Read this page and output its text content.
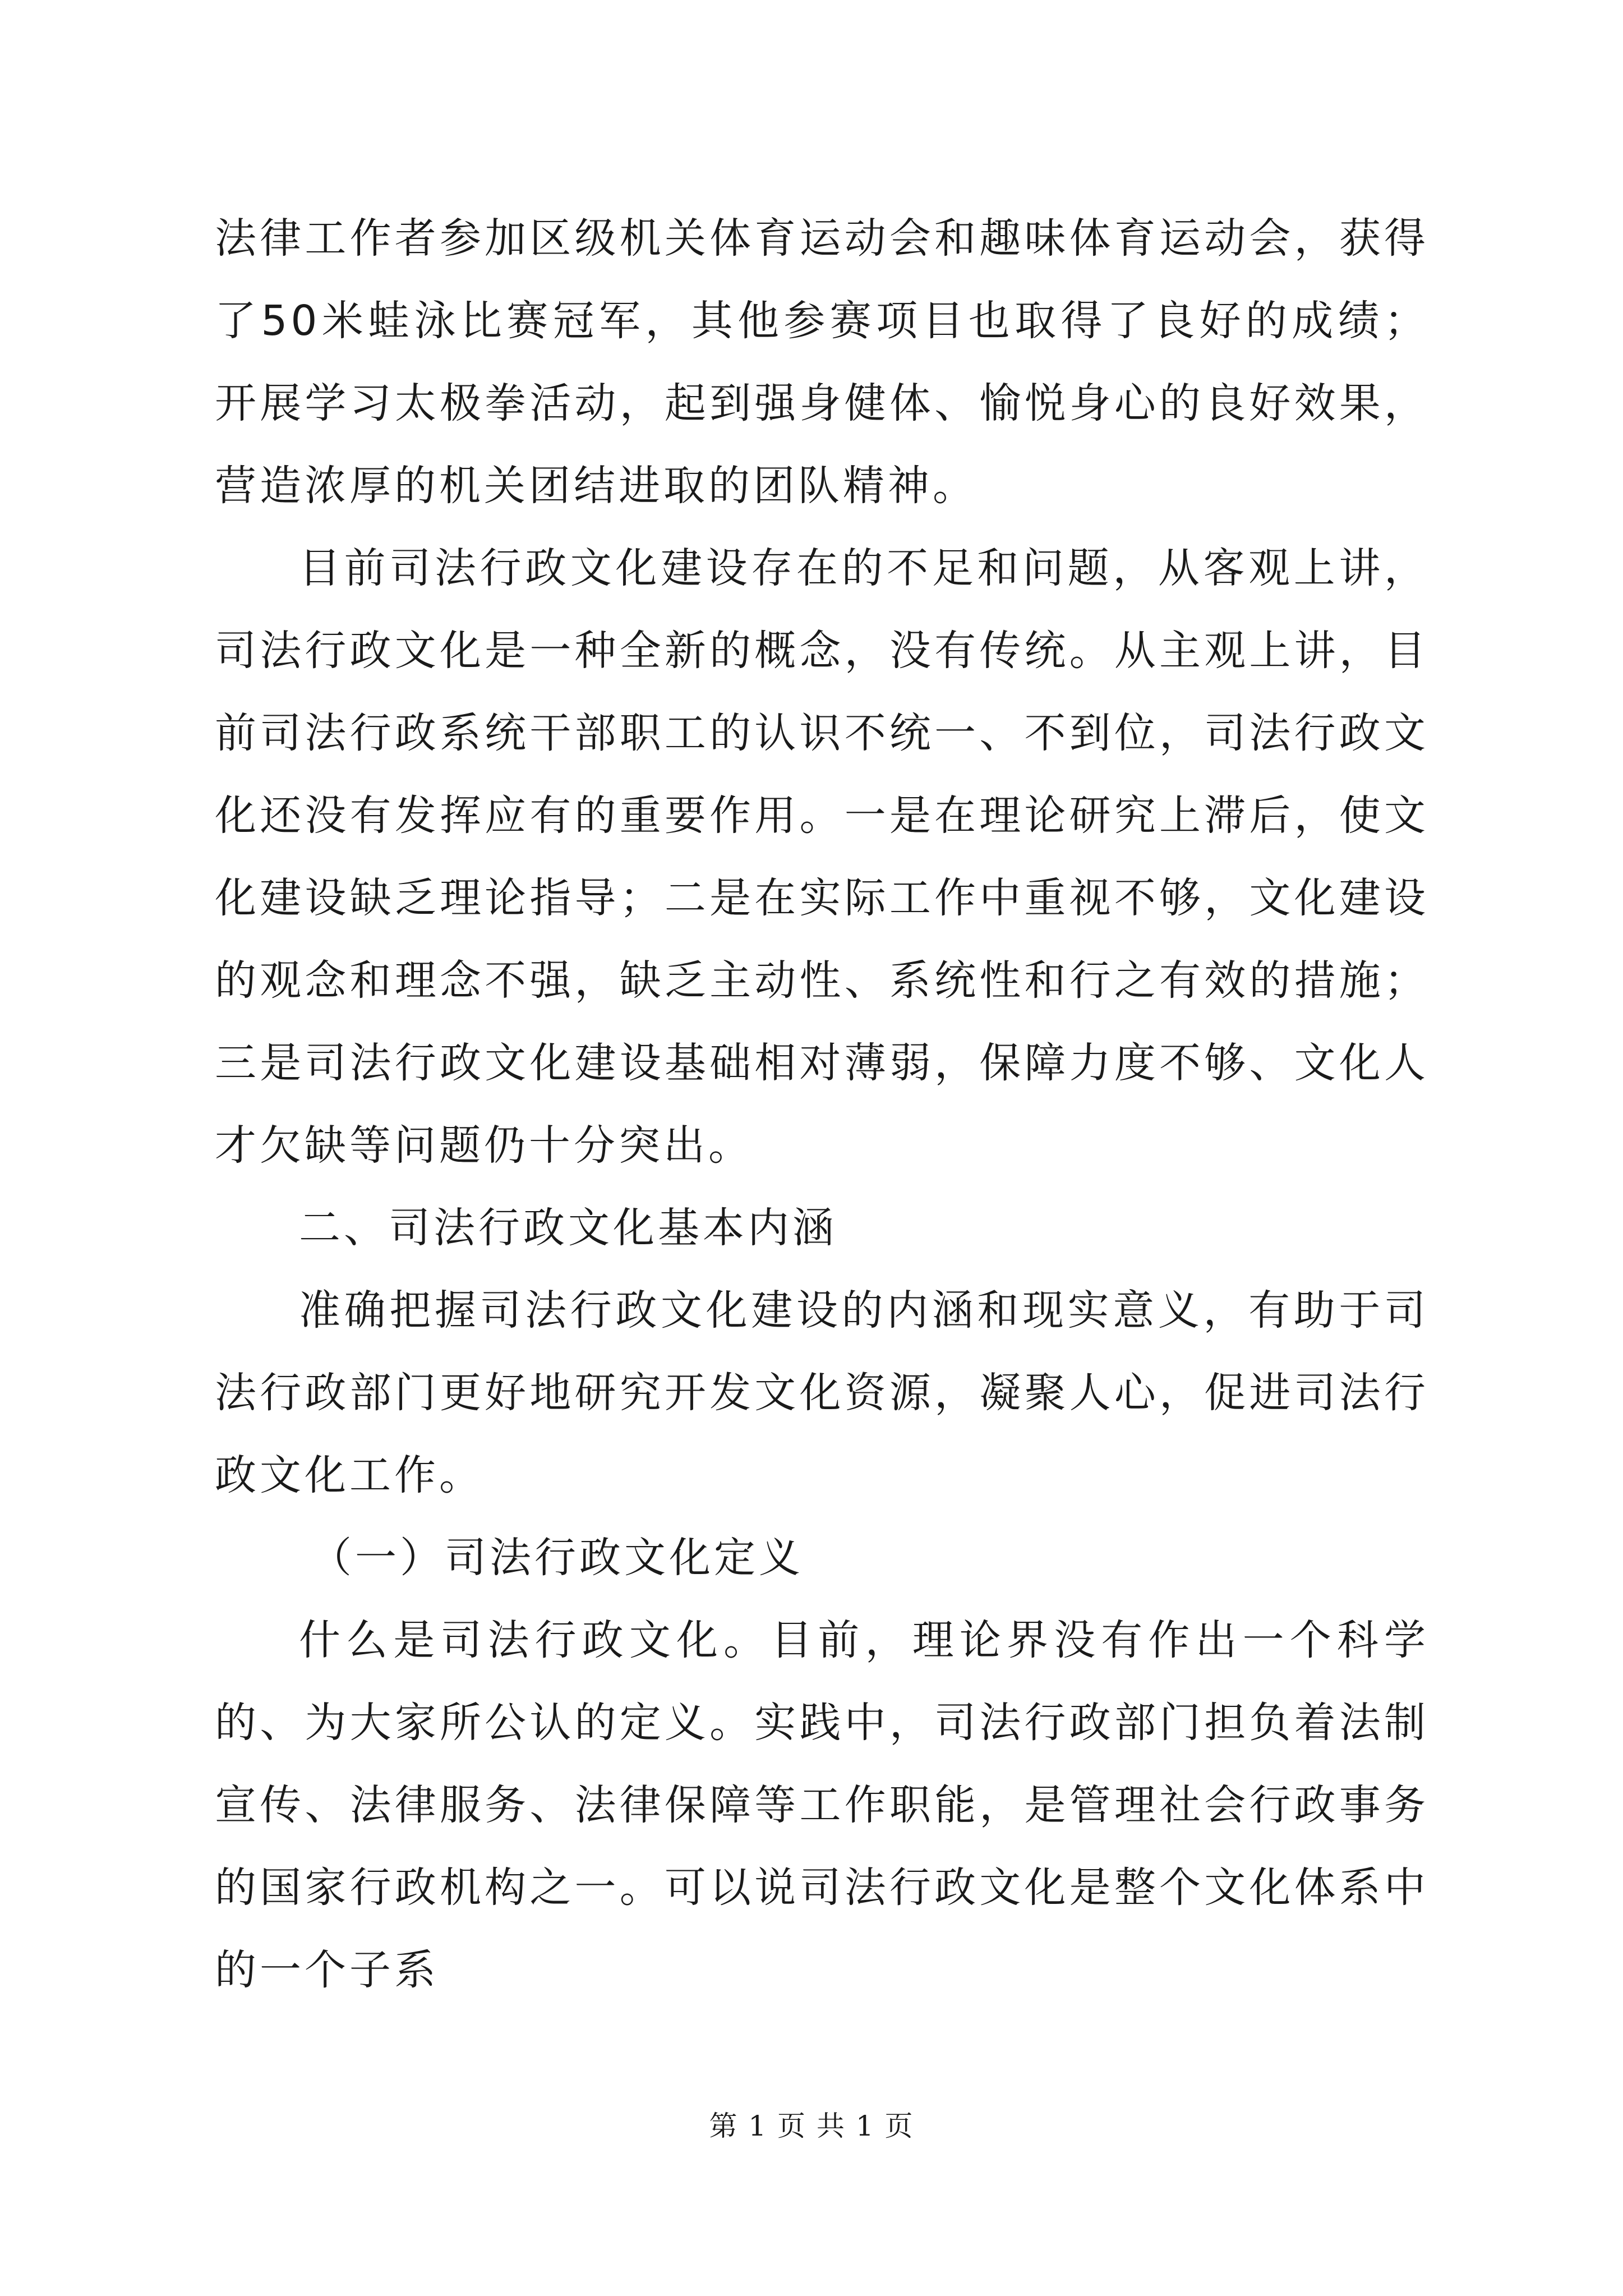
法律工作者参加区级机关体育运动会和趣味体育运动会，获得了50米蛙泳比赛冠军，其他参赛项目也取得了良好的成绩；开展学习太极拳活动，起到强身健体、愉悦身心的良好效果，营造浓厚的机关团结进取的团队精神。

目前司法行政文化建设存在的不足和问题，从客观上讲，司法行政文化是一种全新的概念，没有传统。从主观上讲，目前司法行政系统干部职工的认识不统一、不到位，司法行政文化还没有发挥应有的重要作用。一是在理论研究上滞后，使文化建设缺乏理论指导；二是在实际工作中重视不够，文化建设的观念和理念不强，缺乏主动性、系统性和行之有效的措施；三是司法行政文化建设基础相对薄弱，保障力度不够、文化人才欠缺等问题仍十分突出。

二、司法行政文化基本内涵

准确把握司法行政文化建设的内涵和现实意义，有助于司法行政部门更好地研究开发文化资源，凝聚人心，促进司法行政文化工作。

（一）司法行政文化定义

什么是司法行政文化。目前，理论界没有作出一个科学的、为大家所公认的定义。实践中，司法行政部门担负着法制宣传、法律服务、法律保障等工作职能，是管理社会行政事务的国家行政机构之一。可以说司法行政文化是整个文化体系中的一个子系

第 1 页 共 1 页
